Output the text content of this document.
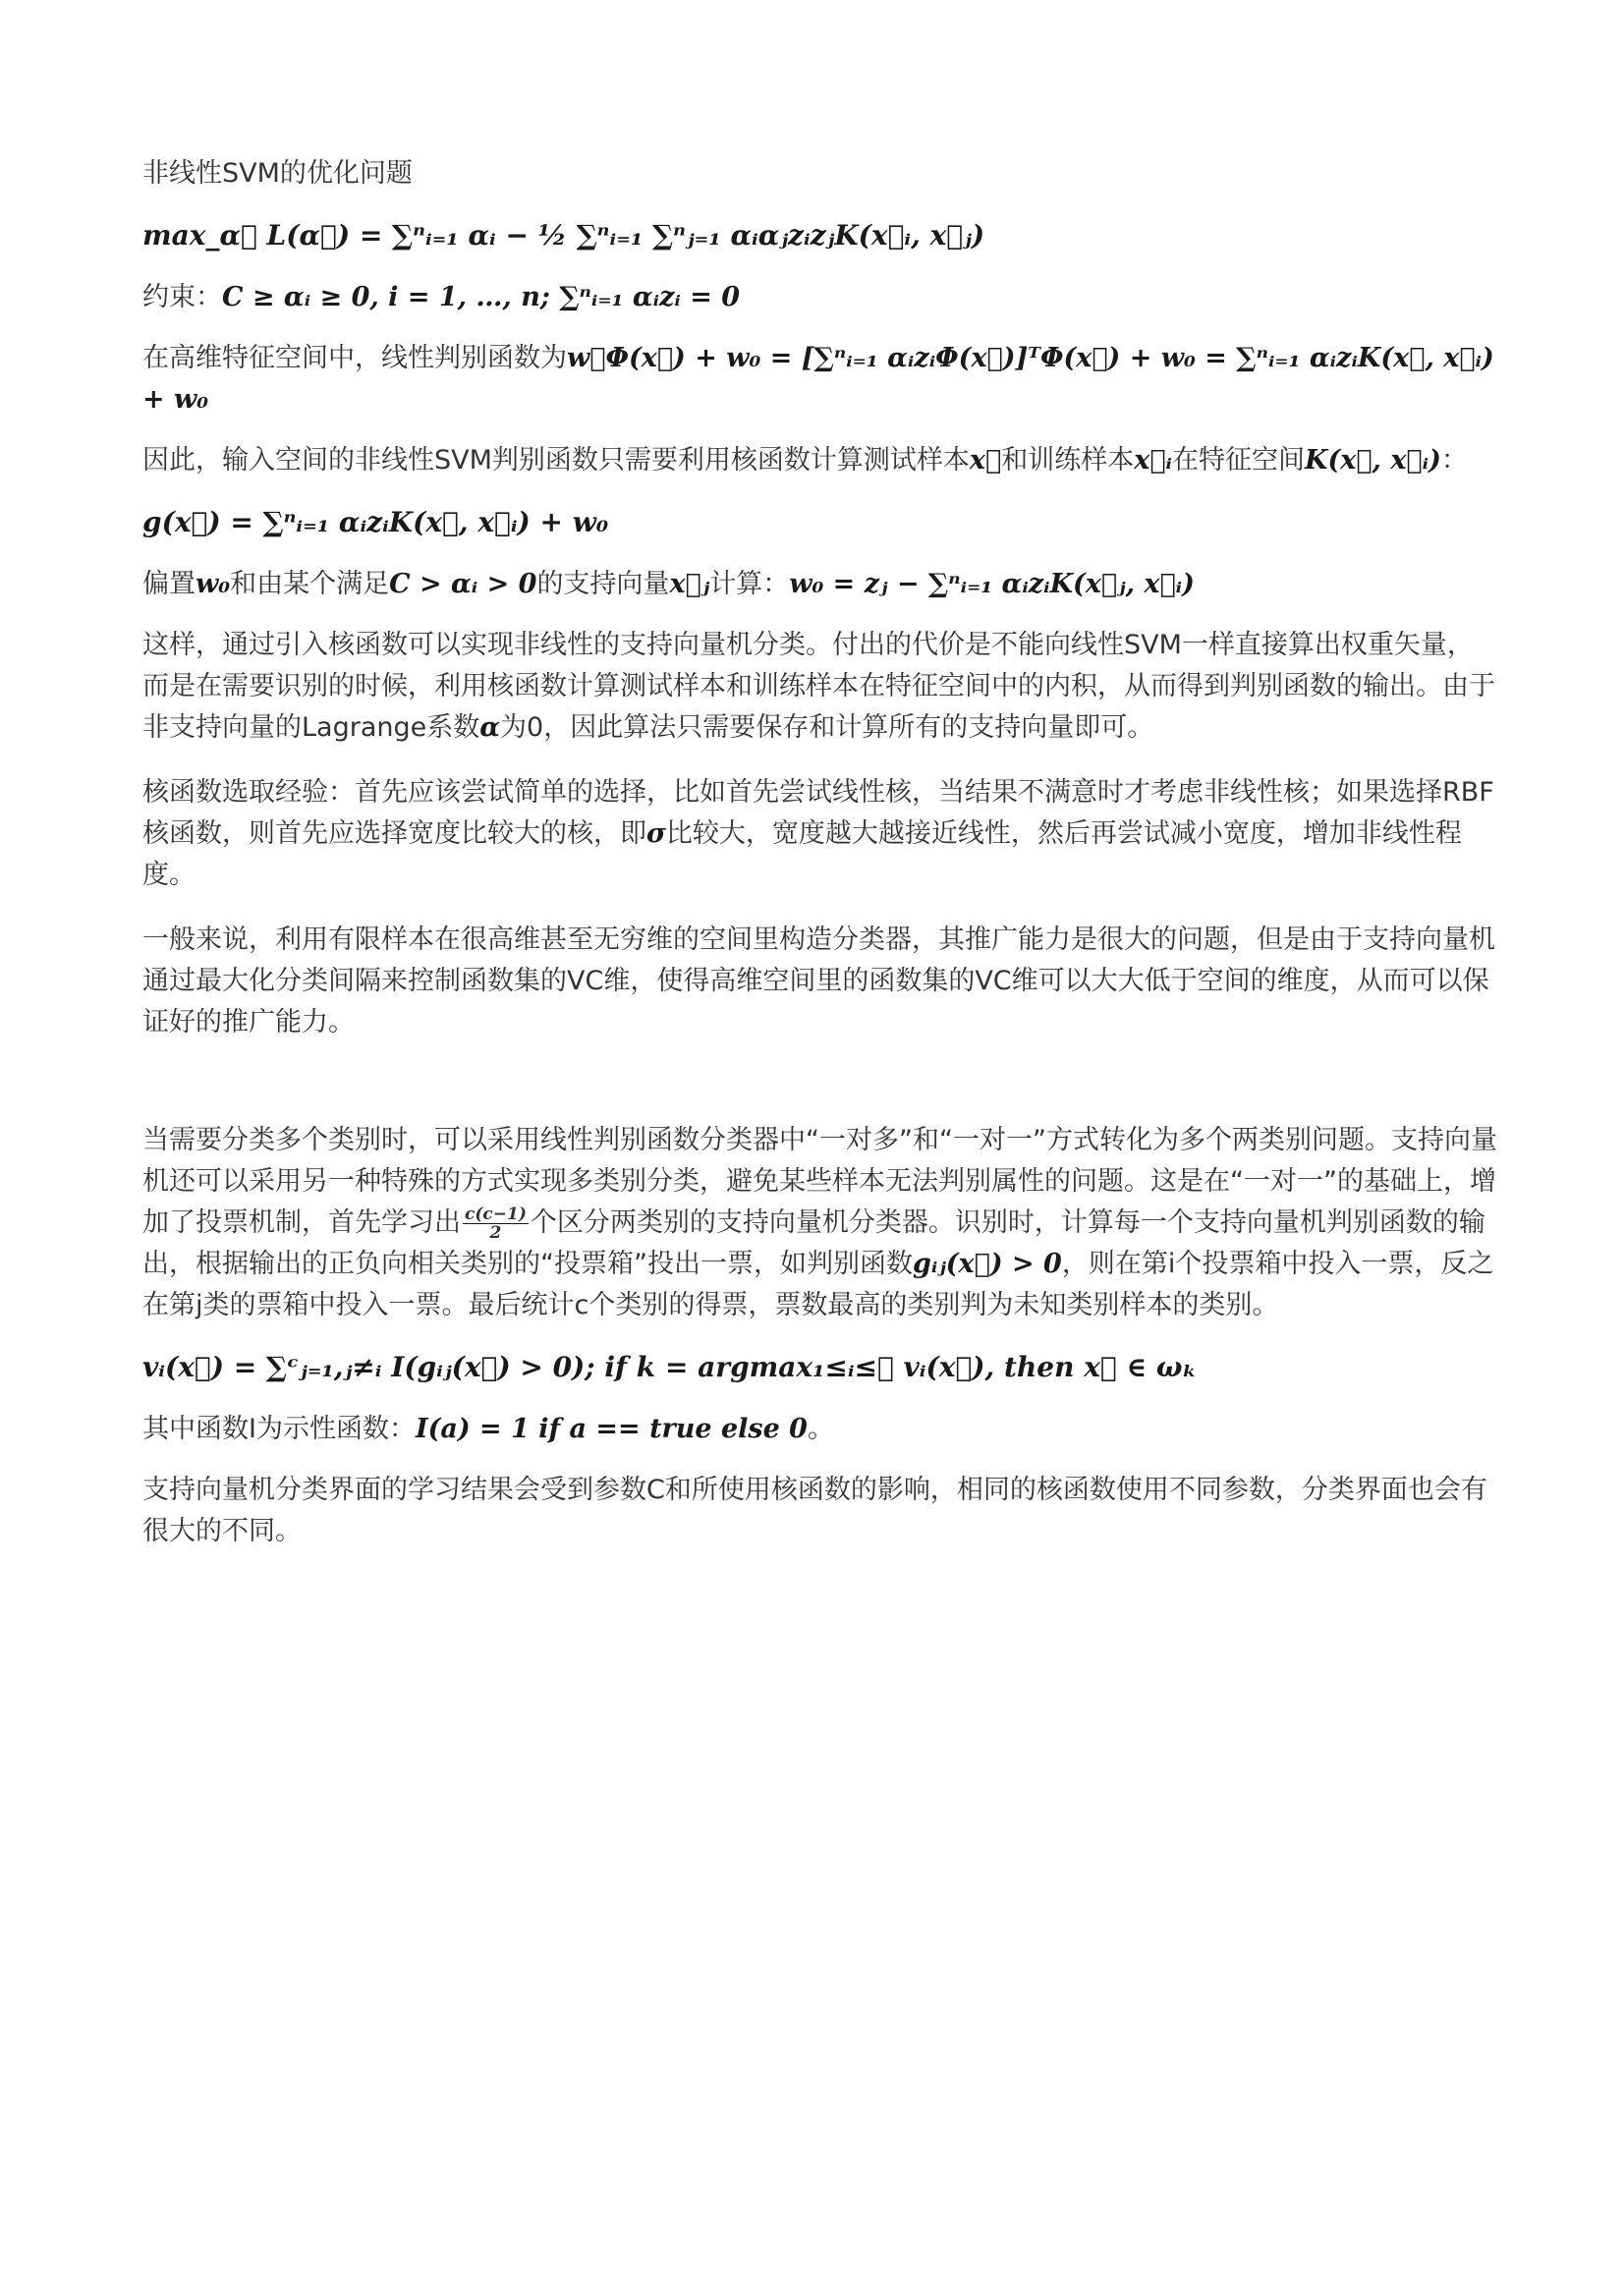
非线性SVM的优化问题

max_α⃗ L(α⃗) = ∑ⁿᵢ₌₁ αᵢ − ½ ∑ⁿᵢ₌₁ ∑ⁿⱼ₌₁ αᵢαⱼzᵢzⱼK(x⃗ᵢ, x⃗ⱼ)

约束：C ≥ αᵢ ≥ 0, i = 1, …, n; ∑ⁿᵢ₌₁ αᵢzᵢ = 0

在高维特征空间中，线性判别函数为w⃗Φ(x⃗) + w₀ = [∑ⁿᵢ₌₁ αᵢzᵢΦ(x⃗)]ᵀΦ(x⃗) + w₀ = ∑ⁿᵢ₌₁ αᵢzᵢK(x⃗, x⃗ᵢ) + w₀

因此，输入空间的非线性SVM判别函数只需要利用核函数计算测试样本x⃗和训练样本x⃗ᵢ在特征空间K(x⃗, x⃗ᵢ)：

g(x⃗) = ∑ⁿᵢ₌₁ αᵢzᵢK(x⃗, x⃗ᵢ) + w₀

偏置w₀和由某个满足C > αᵢ > 0的支持向量x⃗ⱼ计算：w₀ = zⱼ − ∑ⁿᵢ₌₁ αᵢzᵢK(x⃗ⱼ, x⃗ᵢ)

这样，通过引入核函数可以实现非线性的支持向量机分类。付出的代价是不能向线性SVM一样直接算出权重矢量，而是在需要识别的时候，利用核函数计算测试样本和训练样本在特征空间中的内积，从而得到判别函数的输出。由于非支持向量的Lagrange系数α为0，因此算法只需要保存和计算所有的支持向量即可。

核函数选取经验：首先应该尝试简单的选择，比如首先尝试线性核，当结果不满意时才考虑非线性核；如果选择RBF核函数，则首先应选择宽度比较大的核，即σ比较大，宽度越大越接近线性，然后再尝试减小宽度，增加非线性程度。

一般来说，利用有限样本在很高维甚至无穷维的空间里构造分类器，其推广能力是很大的问题，但是由于支持向量机通过最大化分类间隔来控制函数集的VC维，使得高维空间里的函数集的VC维可以大大低于空间的维度，从而可以保证好的推广能力。

当需要分类多个类别时，可以采用线性判别函数分类器中“一对多”和“一对一”方式转化为多个两类别问题。支持向量机还可以采用另一种特殊的方式实现多类别分类，避免某些样本无法判别属性的问题。这是在“一对一”的基础上，增加了投票机制，首先学习出 $\frac{c(c-1)}{2}$ 个区分两类别的支持向量机分类器。识别时，计算每一个支持向量机判别函数的输出，根据输出的正负向相关类别的“投票箱”投出一票，如判别函数gᵢⱼ(x⃗) > 0，则在第i个投票箱中投入一票，反之在第j类的票箱中投入一票。最后统计c个类别的得票，票数最高的类别判为未知类别样本的类别。

vᵢ(x⃗) = ∑ᶜⱼ₌₁,ⱼ≠ᵢ I(gᵢⱼ(x⃗) > 0); if k = argmax₁≤ᵢ≤꜀ vᵢ(x⃗), then x⃗ ∈ ωₖ

其中函数I为示性函数：I(a) = 1 if a == true else 0。

支持向量机分类界面的学习结果会受到参数C和所使用核函数的影响，相同的核函数使用不同参数，分类界面也会有很大的不同。
